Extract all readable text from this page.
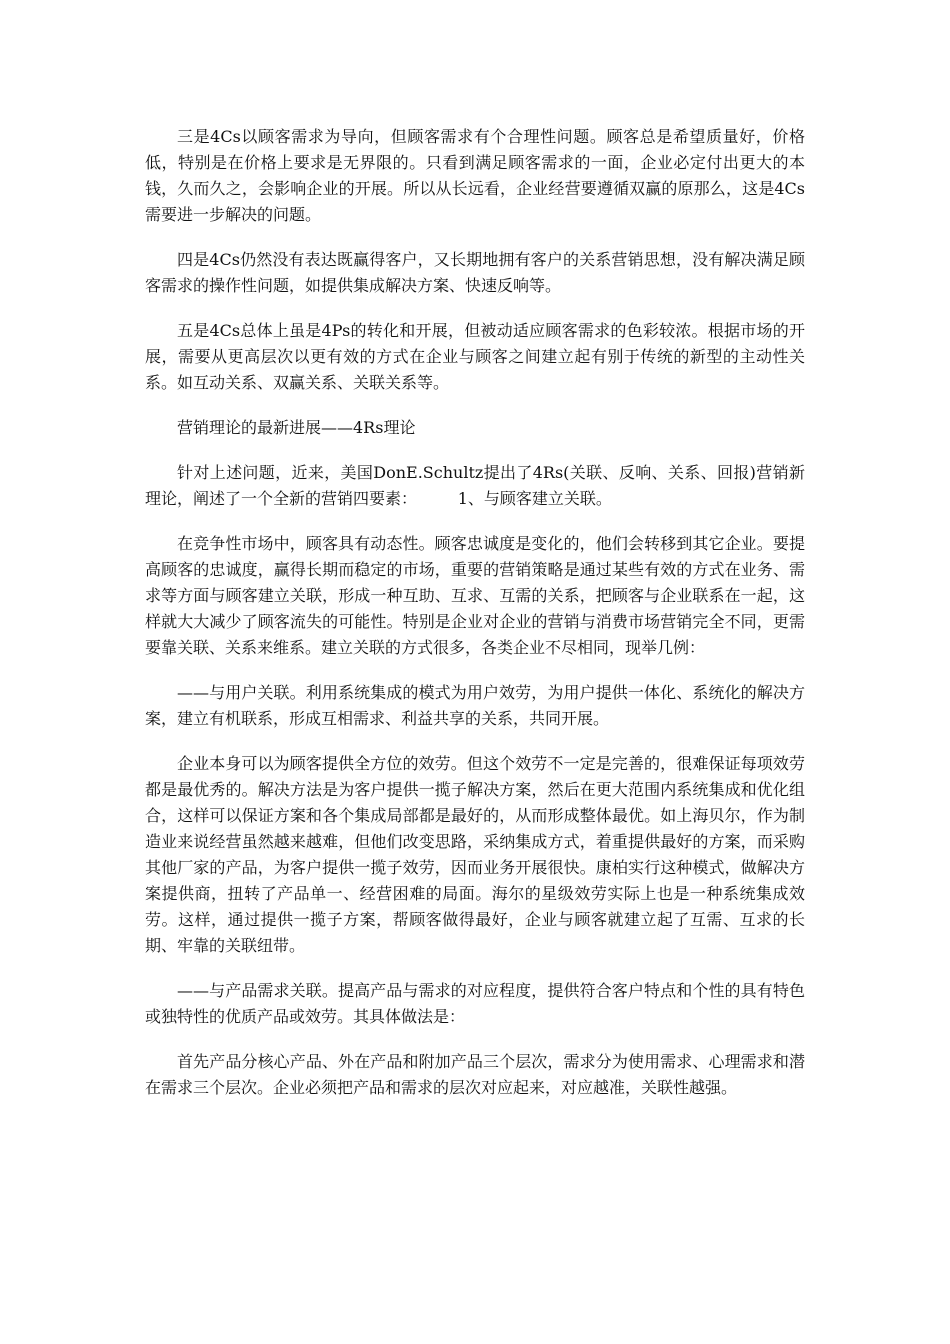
三是4Cs以顾客需求为导向，但顾客需求有个合理性问题。顾客总是希望质量好，价格低，特别是在价格上要求是无界限的。只看到满足顾客需求的一面，企业必定付出更大的本钱，久而久之，会影响企业的开展。所以从长远看，企业经营要遵循双赢的原那么，这是4Cs需要进一步解决的问题。

四是4Cs仍然没有表达既赢得客户，又长期地拥有客户的关系营销思想，没有解决满足顾客需求的操作性问题，如提供集成解决方案、快速反响等。

五是4Cs总体上虽是4Ps的转化和开展，但被动适应顾客需求的色彩较浓。根据市场的开展，需要从更高层次以更有效的方式在企业与顾客之间建立起有别于传统的新型的主动性关系。如互动关系、双赢关系、关联关系等。

营销理论的最新进展——4Rs理论

针对上述问题，近来，美国DonE.Schultz提出了4Rs(关联、反响、关系、回报)营销新理论，阐述了一个全新的营销四要素：        1、与顾客建立关联。

在竞争性市场中，顾客具有动态性。顾客忠诚度是变化的，他们会转移到其它企业。要提高顾客的忠诚度，赢得长期而稳定的市场，重要的营销策略是通过某些有效的方式在业务、需求等方面与顾客建立关联，形成一种互助、互求、互需的关系，把顾客与企业联系在一起，这样就大大减少了顾客流失的可能性。特别是企业对企业的营销与消费市场营销完全不同，更需要靠关联、关系来维系。建立关联的方式很多，各类企业不尽相同，现举几例：

——与用户关联。利用系统集成的模式为用户效劳，为用户提供一体化、系统化的解决方案，建立有机联系，形成互相需求、利益共享的关系，共同开展。

企业本身可以为顾客提供全方位的效劳。但这个效劳不一定是完善的，很难保证每项效劳都是最优秀的。解决方法是为客户提供一揽子解决方案，然后在更大范围内系统集成和优化组合，这样可以保证方案和各个集成局部都是最好的，从而形成整体最优。如上海贝尔，作为制造业来说经营虽然越来越难，但他们改变思路，采纳集成方式，着重提供最好的方案，而采购其他厂家的产品，为客户提供一揽子效劳，因而业务开展很快。康柏实行这种模式，做解决方案提供商，扭转了产品单一、经营困难的局面。海尔的星级效劳实际上也是一种系统集成效劳。这样，通过提供一揽子方案，帮顾客做得最好，企业与顾客就建立起了互需、互求的长期、牢靠的关联纽带。

——与产品需求关联。提高产品与需求的对应程度，提供符合客户特点和个性的具有特色或独特性的优质产品或效劳。其具体做法是：

首先产品分核心产品、外在产品和附加产品三个层次，需求分为使用需求、心理需求和潜在需求三个层次。企业必须把产品和需求的层次对应起来，对应越准，关联性越强。
